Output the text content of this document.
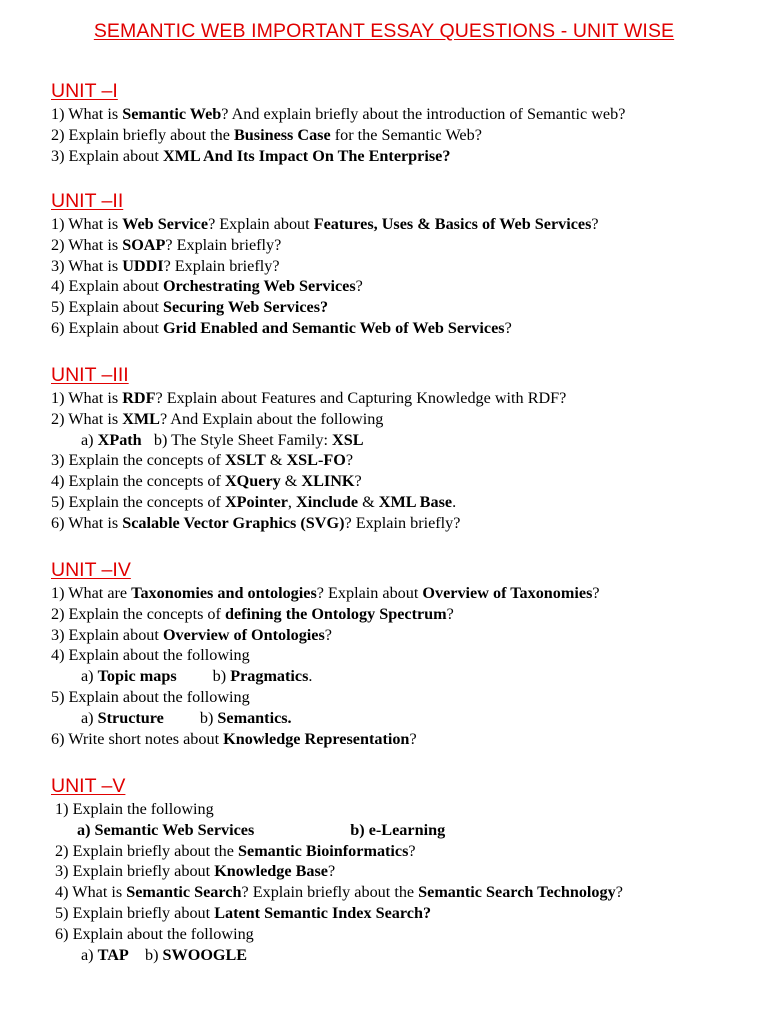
SEMANTIC WEB IMPORTANT ESSAY QUESTIONS - UNIT WISE
UNIT –I
1) What is Semantic Web? And explain briefly about the introduction of Semantic web?
2) Explain briefly about the Business Case for the Semantic Web?
3) Explain about XML And Its Impact On The Enterprise?
UNIT –II
1) What is Web Service? Explain about Features, Uses & Basics of Web Services?
2) What is SOAP? Explain briefly?
3) What is UDDI? Explain briefly?
4) Explain about Orchestrating Web Services?
5) Explain about Securing Web Services?
6) Explain about Grid Enabled and Semantic Web of Web Services?
UNIT –III
1) What is RDF? Explain about Features and Capturing Knowledge with RDF?
2) What is XML? And Explain about the following
a) XPath   b) The Style Sheet Family: XSL
3) Explain the concepts of XSLT & XSL-FO?
4) Explain the concepts of XQuery & XLINK?
5) Explain the concepts of XPointer, Xinclude & XML Base.
6) What is Scalable Vector Graphics (SVG)? Explain briefly?
UNIT –IV
1) What are Taxonomies and ontologies? Explain about Overview of Taxonomies?
2) Explain the concepts of defining the Ontology Spectrum?
3) Explain about Overview of Ontologies?
4) Explain about the following
a) Topic maps b) Pragmatics.
5) Explain about the following
a) Structure b) Semantics.
6) Write short notes about Knowledge Representation?
UNIT –V
1) Explain the following
a) Semantic Web Services	b) e-Learning
2) Explain briefly about the Semantic Bioinformatics?
3) Explain briefly about Knowledge Base?
4) What is Semantic Search? Explain briefly about the Semantic Search Technology?
5) Explain briefly about Latent Semantic Index Search?
6) Explain about the following
a) TAP    b) SWOOGLE
